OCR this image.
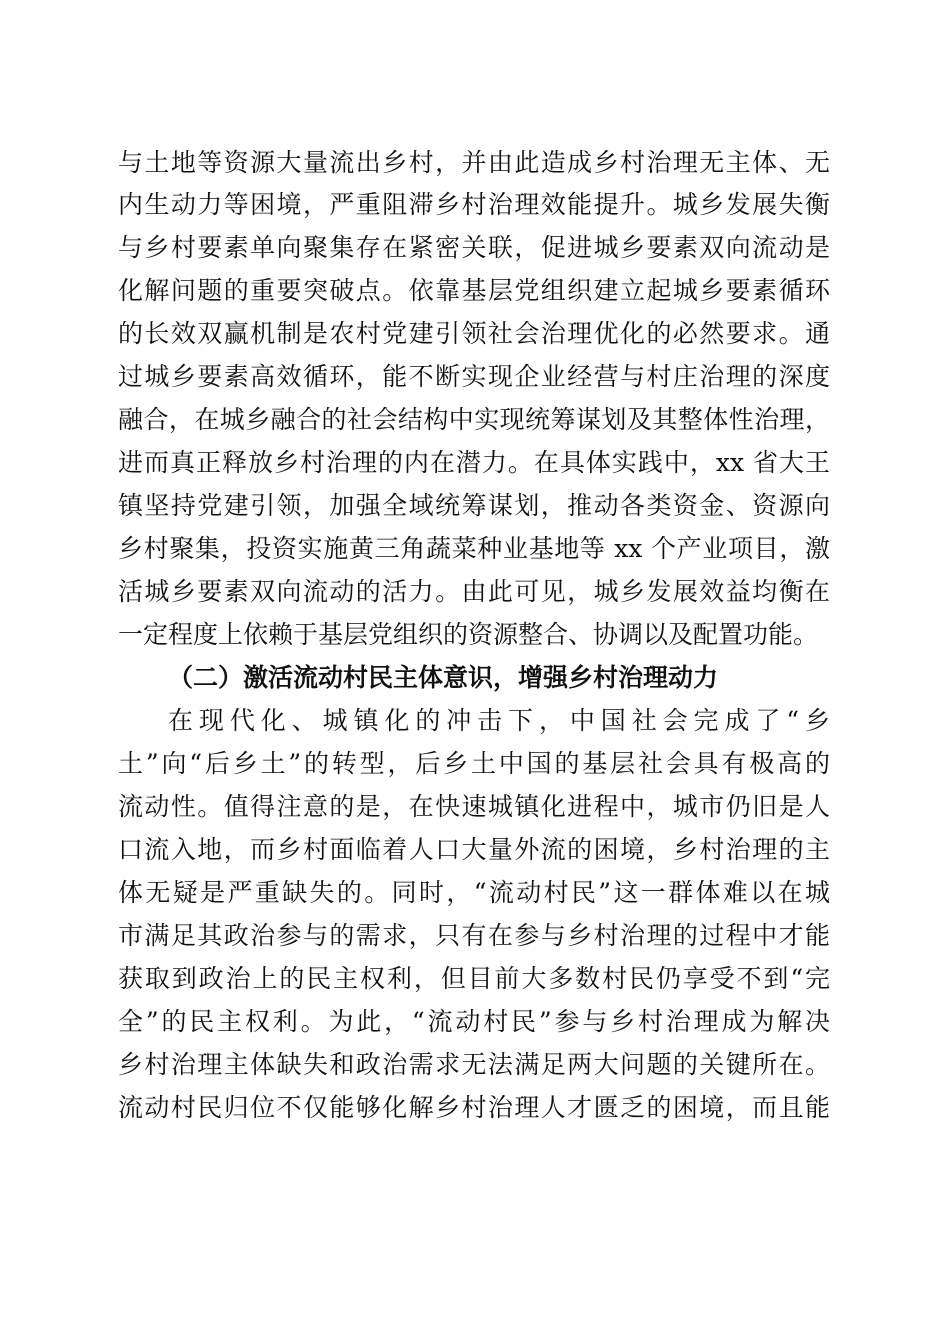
与土地等资源大量流出乡村，并由此造成乡村治理无主体、无
内生动力等困境，严重阻滞乡村治理效能提升。城乡发展失衡
与乡村要素单向聚集存在紧密关联，促进城乡要素双向流动是
化解问题的重要突破点。依靠基层党组织建立起城乡要素循环
的长效双赢机制是农村党建引领社会治理优化的必然要求。通
过城乡要素高效循环，能不断实现企业经营与村庄治理的深度
融合，在城乡融合的社会结构中实现统筹谋划及其整体性治理，
进而真正释放乡村治理的内在潜力。在具体实践中，xx 省大王
镇坚持党建引领，加强全域统筹谋划，推动各类资金、资源向
乡村聚集，投资实施黄三角蔬菜种业基地等 xx 个产业项目，激
活城乡要素双向流动的活力。由此可见，城乡发展效益均衡在
一定程度上依赖于基层党组织的资源整合、协调以及配置功能。
（二）激活流动村民主体意识，增强乡村治理动力
在现代化、城镇化的冲击下，中国社会完成了“乡
土”向“后乡土”的转型，后乡土中国的基层社会具有极高的
流动性。值得注意的是，在快速城镇化进程中，城市仍旧是人
口流入地，而乡村面临着人口大量外流的困境，乡村治理的主
体无疑是严重缺失的。同时，“流动村民”这一群体难以在城
市满足其政治参与的需求，只有在参与乡村治理的过程中才能
获取到政治上的民主权利，但目前大多数村民仍享受不到“完
全”的民主权利。为此，“流动村民”参与乡村治理成为解决
乡村治理主体缺失和政治需求无法满足两大问题的关键所在。
流动村民归位不仅能够化解乡村治理人才匮乏的困境，而且能
